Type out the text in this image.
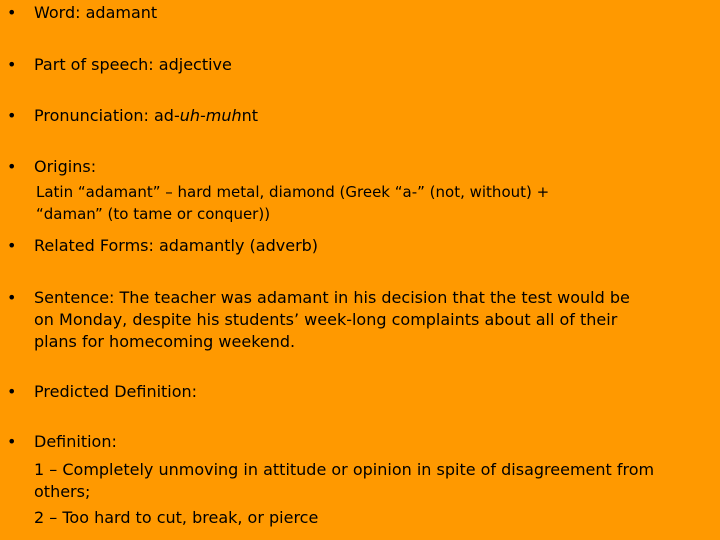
• Word: adamant
• Part of speech: adjective
• Pronunciation: ad-uh-muhnt
• Origins:
Latin “adamant” – hard metal, diamond (Greek “a-” (not, without) +
“daman” (to tame or conquer))
• Related Forms: adamantly (adverb)
• Sentence: The teacher was adamant in his decision that the test would be
on Monday, despite his students’ week-long complaints about all of their
plans for homecoming weekend.
• Predicted Definition:
• Definition:
1 – Completely unmoving in attitude or opinion in spite of disagreement from
others;
2 – Too hard to cut, break, or pierce
